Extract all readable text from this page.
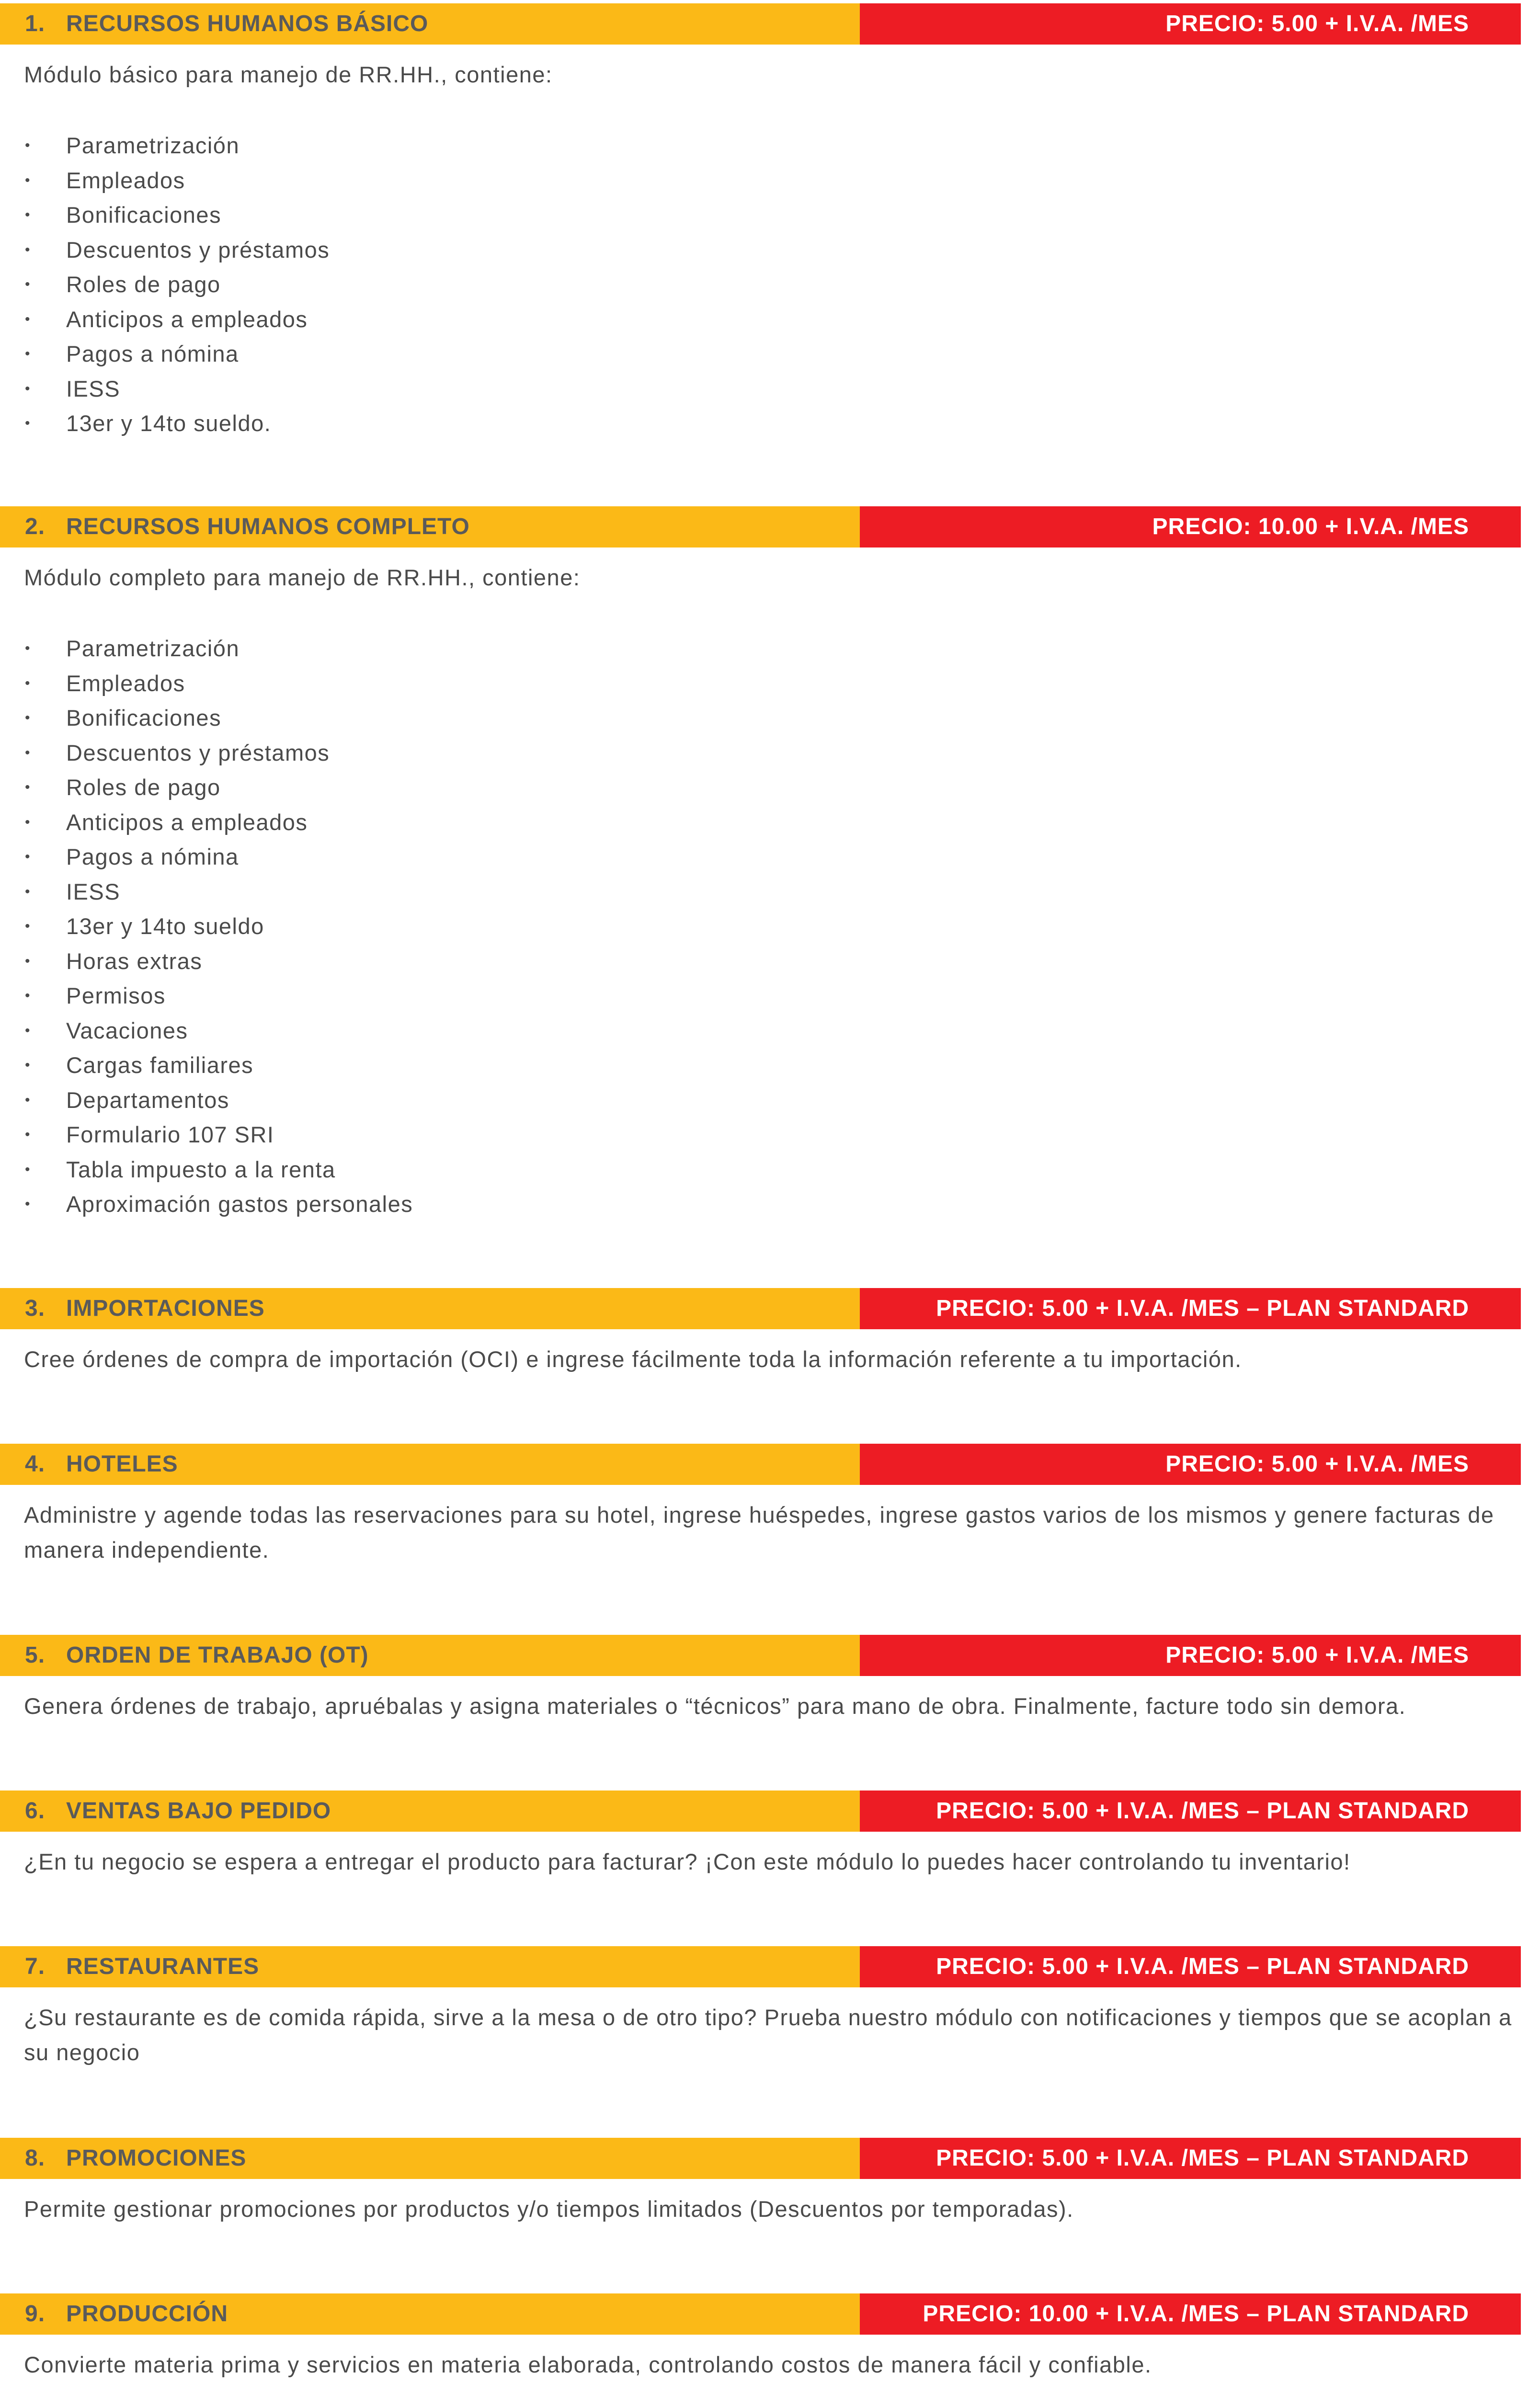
1. RECURSOS HUMANOS BÁSICO	PRECIO: 5.00 + I.V.A. /MES

Módulo básico para manejo de RR.HH., contiene:

• Parametrización
• Empleados
• Bonificaciones
• Descuentos y préstamos
• Roles de pago
• Anticipos a empleados
• Pagos a nómina
• IESS
• 13er y 14to sueldo.
2. RECURSOS HUMANOS COMPLETO	PRECIO: 10.00 + I.V.A. /MES

Módulo completo para manejo de RR.HH., contiene:

• Parametrización
• Empleados
• Bonificaciones
• Descuentos y préstamos
• Roles de pago
• Anticipos a empleados
• Pagos a nómina
• IESS
• 13er y 14to sueldo
• Horas extras
• Permisos
• Vacaciones
• Cargas familiares
• Departamentos
• Formulario 107 SRI
• Tabla impuesto a la renta
• Aproximación gastos personales
3. IMPORTACIONES	PRECIO: 5.00 + I.V.A. /MES – PLAN STANDARD

Cree órdenes de compra de importación (OCI) e ingrese fácilmente toda la información referente a tu importación.

4. HOTELES	PRECIO: 5.00 + I.V.A. /MES

Administre y agende todas las reservaciones para su hotel, ingrese huéspedes, ingrese gastos varios de los mismos y genere facturas de manera independiente.

5. ORDEN DE TRABAJO (OT)	PRECIO: 5.00 + I.V.A. /MES

Genera órdenes de trabajo, apruébalas y asigna materiales o “técnicos” para mano de obra. Finalmente, facture todo sin demora.

6. VENTAS BAJO PEDIDO	PRECIO: 5.00 + I.V.A. /MES – PLAN STANDARD

¿En tu negocio se espera a entregar el producto para facturar? ¡Con este módulo lo puedes hacer controlando tu inventario!

7. RESTAURANTES	PRECIO: 5.00 + I.V.A. /MES – PLAN STANDARD

¿Su restaurante es de comida rápida, sirve a la mesa o de otro tipo? Prueba nuestro módulo con notificaciones y tiempos que se acoplan a su negocio

8. PROMOCIONES	PRECIO: 5.00 + I.V.A. /MES – PLAN STANDARD

Permite gestionar promociones por productos y/o tiempos limitados (Descuentos por temporadas).

9. PRODUCCIÓN	PRECIO: 10.00 + I.V.A. /MES – PLAN STANDARD

Convierte materia prima y servicios en materia elaborada, controlando costos de manera fácil y confiable.
